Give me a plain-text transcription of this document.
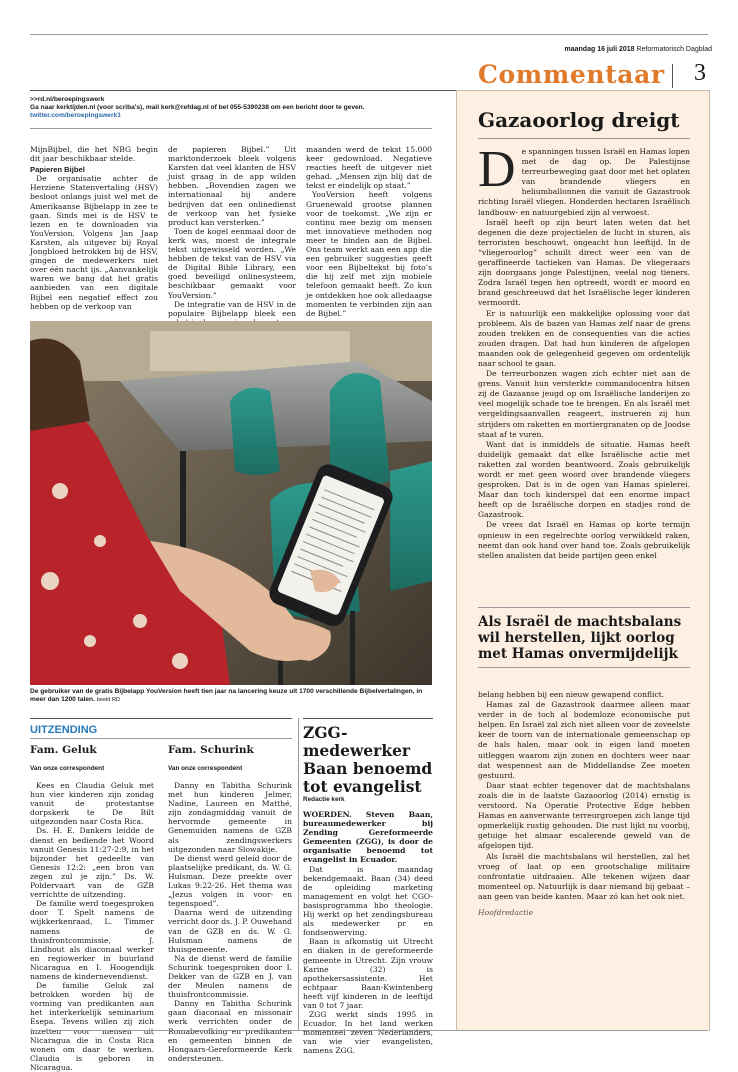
maandag 16 juli 2018 Reformatorisch Dagblad
Commentaar 3
>>rd.nl/beroepingswerk
Ga naar kerktijden.nl (voor scriba's), mail kerk@refdag.nl of bel 055-5390238 om een bericht door te geven.
twitter.com/beroepingswerk1

MijnBijbel, die het NBG begin dit jaar beschikbaar stelde.

Papieren Bijbel

De organisatie achter de Herziene Statenvertaling (HSV) besloot onlangs juist wel met de Amerikaanse Bijbelapp in zee te gaan. Sinds mei is de HSV te lezen en te downloaden via YouVersion. Volgens Jan Jaap Karsten, als uitgever bij Royal Jongbloed betrokken bij de HSV, gingen de medewerkers niet over één nacht ijs. „Aanvankelijk waren we bang dat het gratis aanbieden van een digitale Bijbel een negatief effect zou hebben op de verkoop van

de papieren Bijbel.” Uit marktonderzoek bleek volgens Karsten dat veel klanten de HSV juist graag in de app wilden hebben. „Bovendien zagen we internationaal bij andere bedrijven dat een onlinedienst de verkoop van het fysieke product kan versterken.”

Toen de kogel eenmaal door de kerk was, moest de integrale tekst uitgewisseld worden. „We hebben de tekst van de HSV via de Digital Bible Library, een goed beveiligd onlinesysteem, beschikbaar gemaakt voor YouVersion.”

De integratie van de HSV in de populaire Bijbelapp bleek een

maanden werd de tekst 15.000 keer gedownload. Negatieve reacties heeft de uitgever niet gehad. „Mensen zijn blij dat de tekst er eindelijk op staat.”

YouVersion heeft volgens Gruenewald grootse plannen voor de toekomst. „We zijn er continu mee bezig om mensen met innovatieve methoden nog meer te binden aan de Bijbel. Ons team werkt aan een app die een gebruiker suggesties geeft voor een Bijbeltekst bij foto’s die hij zelf met zijn mobiele telefoon gemaakt heeft. Zo kun je ontdekken hoe ook alledaagse momenten te verbinden zijn aan de Bijbel.”

De gebruiker van de gratis Bijbelapp YouVersion heeft tien jaar na lancering keuze uit 1700 verschillende Bijbelvertalingen, in meer dan 1200 talen. beeld RD
UITZENDING
Fam. Geluk
Van onze correspondent

Kees en Claudia Geluk met hun vier kinderen zijn zondag vanuit de protestantse dorpskerk te De Bilt uitgezonden naar Costa Rica.

Ds. H. E. Dankers leidde de dienst en bediende het Woord vanuit Genesis 11:27-2:9, in het bijzonder het gedeelte van Genesis 12:2: „een bron van zegen zul je zijn.” Ds. W. Poldervaart van de GZB verrichtte de uitzending.

De familie werd toegesproken door T. Spelt namens de wijkkerkenraad, L. Timmer namens de thuisfrontcommissie, J. Lindhout als diaconaal werker en regiowerker in buurland Nicaragua en I. Hoogendijk namens de kindernevendienst.

De familie Geluk zal betrokken worden bij de vorming van predikanten aan het interkerkelijk seminarium Esepa. Tevens willen zij zich inzetten voor mensen uit Nicaragua die in Costa Rica wonen om daar te werken. Claudia is geboren in Nicaragua.

Fam. Schurink
Van onze correspondent

Danny en Tabitha Schurink met hun kinderen Jelmer, Nadine, Laureen en Matthé, zijn zondagmiddag vanuit de hervormde gemeente in Genemuiden namens de GZB als zendingswerkers uitgezonden naar Slowakije.

De dienst werd geleid door de plaatselijke predikant, ds. W. G. Hulsman. Deze preekte over Lukas 9:22-26. Het thema was „Jezus volgen in voor- en tegenspoed”.

Daarna werd de uitzending verricht door ds. J. P. Ouwehand van de GZB en ds. W. G. Hulsman namens de thuisgemeente.

Na de dienst werd de familie Schurink toegesproken door I. Dekker van de GZB en J. van der Meulen namens de thuisfrontcommissie.

Danny en Tabitha Schurink gaan diaconaal en missonair werk verrichten onder de Romabevolking en predikanten en gemeenten binnen de Hongaars-Gereformeerde Kerk ondersteunen.

ZGG-medewerker Baan benoemd tot evangelist
Redactie kerk

WOERDEN. Steven Baan, bureaumedewerker bij Zending Gereformeerde Gemeenten (ZGG), is door de organisatie benoemd tot evangelist in Ecuador.

Dat is maandag bekendgemaakt. Baan (34) deed de opleiding marketing management en volgt het CGO-basisprogramma hbo theologie. Hij werkt op het zendingsbureau als medewerker pr en fondsenwerving.

Baan is afkomstig uit Utrecht en diaken in de gereformeerde gemeente in Utrecht. Zijn vrouw Karine (32) is apothekersassistente. Het echtpaar Baan-Kwintenberg heeft vijf kinderen in de leeftijd van 0 tot 7 jaar.

ZGG werkt sinds 1995 in Ecuador. In het land werken momenteel zeven Nederlanders, van wie vier evangelisten, namens ZGG.

Gazaoorlog dreigt

De spanningen tussen Israël en Hamas lopen met de dag op. De Palestijnse terreurbeweging gaat door met het oplaten van brandende vliegers en heliumballonnen die vanuit de Gazastrook richting Israël vliegen. Honderden hectaren Israëlisch landbouw- en natuurgebied zijn al verwoest.

Israël heeft op zijn beurt laten weten dat het degenen die deze projectielen de lucht in sturen, als terroristen beschouwt, ongeacht hun leeftijd. In de “vliegeroorlog” schuilt direct weer een van de geraffineerde tactieken van Hamas. De vliegeraars zijn doorgaans jonge Palestijnen, veelal nog tieners. Zodra Israël tegen hen optreedt, wordt er moord en brand geschreeuwd dat het Israëlische leger kinderen vermoordt.

Er is natuurlijk een makkelijke oplossing voor dat probleem. Als de bazen van Hamas zelf naar de grens zouden trekken en de consequenties van die acties zouden dragen. Dat had hun kinderen de afgelopen maanden ook de gelegenheid gegeven om ordentelijk naar school te gaan.

De terreurbonzen wagen zich echter niet aan de grens. Vanuit hun versterkte commandocentra hitsen zij de Gazaanse jeugd op om Israëlische landerijen zo veel mogelijk schade toe te brengen. En als Israël met vergeldingsaanvallen reageert, instrueren zij hun strijders om raketten en mortiergranaten op de Joodse staat af te vuren.

Want dat is inmiddels de situatie. Hamas heeft duidelijk gemaakt dat elke Israëlische actie met raketten zal worden beantwoord. Zoals gebruikelijk wordt er met geen woord over brandende vliegers gesproken. Dat is in de ogen van Hamas spielerei. Maar dan toch kinderspel dat een enorme impact heeft op de Israëlische dorpen en stadjes rond de Gazastrook.

De vrees dat Israël en Hamas op korte termijn opnieuw in een regelrechte oorlog verwikkeld raken, neemt dan ook hand over hand toe. Zoals gebruikelijk stellen analisten dat beide partijen geen enkel

Als Israël de machtsbalans wil herstellen, lijkt oorlog met Hamas onvermijdelijk

belang hebben bij een nieuw gewapend conflict.

Hamas zal de Gazastrook daarmee alleen maar verder in de toch al bodemloze economische put helpen. En Israël zal zich niet alleen voor de zoveelste keer de toorn van de internationale gemeenschap op de hals halen, maar ook in eigen land moeten uitleggen waarom zijn zonen en dochters weer naar dat wespennest aan de Middellandse Zee moeten gestuurd.

Daar staat echter tegenover dat de machtsbalans zoals die in de laatste Gazaoorlog (2014) ernstig is verstoord. Na Operatie Protective Edge hebben Hamas en aanverwante terreurgroepen zich lange tijd opmerkelijk rustig gehouden. Die rust lijkt nu voorbij, getuige het almaar escalerende geweld van de afgelopen tijd.

Als Israël die machtsbalans wil herstellen, zal het vroeg of laat op een grootschalige militaire confrontatie uitdraaien. Alle tekenen wijzen daar momenteel op. Natuurlijk is daar niemand bij gebaat – aan geen van beide kanten. Maar zó kan het ook niet.

Hoofdredactie
